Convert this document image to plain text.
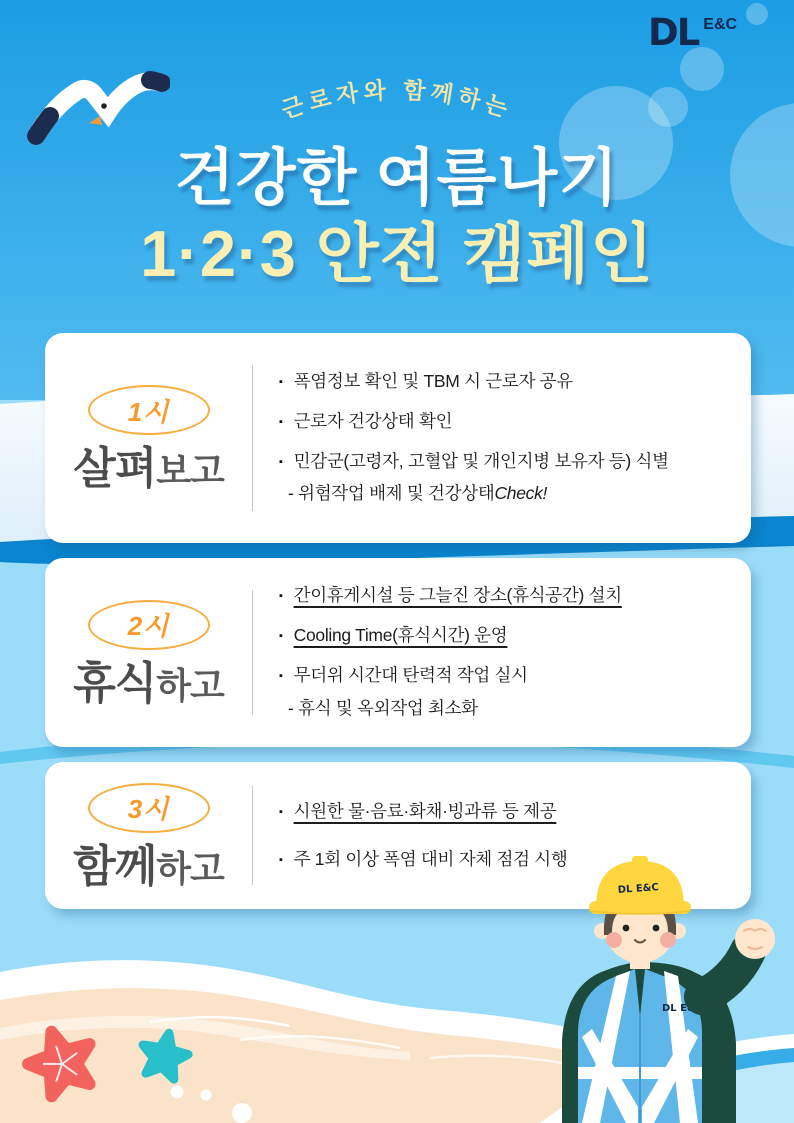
DL E&C
근로자와 함께하는
건강한 여름나기
1·2·3 안전 캠페인
1시
살펴보고
▪ 폭염정보 확인 및 TBM 시 근로자 공유
▪ 근로자 건강상태 확인
▪ 민감군(고령자, 고혈압 및 개인지병 보유자 등) 식별
- 위험작업 배제 및 건강상태 Check!
2시
휴식하고
▪ 간이휴게시설 등 그늘진 장소(휴식공간) 설치
▪ Cooling Time(휴식시간) 운영
▪ 무더위 시간대 탄력적 작업 실시
- 휴식 및 옥외작업 최소화
3시
함께하고
▪ 시원한 물·음료·화채·빙과류 등 제공
▪ 주 1회 이상 폭염 대비 자체 점검 시행
DL E&C
DL E&C
